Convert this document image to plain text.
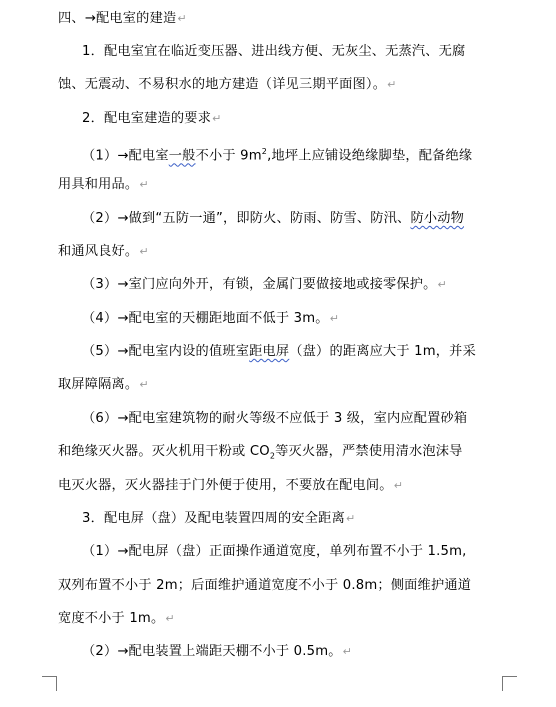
四、→配电室的建造↵
1．配电室宜在临近变压器、进出线方便、无灰尘、无蒸汽、无腐
蚀、无震动、不易积水的地方建造（详见三期平面图）。↵
2．配电室建造的要求↵
（1）→配电室一般不小于 $9m^2$,地坪上应铺设绝缘脚垫，配备绝缘
用具和用品。↵
（2）→做到“五防一通”，即防火、防雨、防雪、防汛、防小动物
和通风良好。↵
（3）→室门应向外开，有锁，金属门要做接地或接零保护。↵
（4）→配电室的天棚距地面不低于 3m。↵
（5）→配电室内设的值班室距电屏（盘）的距离应大于 1m，并采
取屏障隔离。↵
（6）→配电室建筑物的耐火等级不应低于 3 级，室内应配置砂箱
和绝缘灭火器。灭火机用干粉或 $CO_2$等灭火器，严禁使用清水泡沫导
电灭火器，灭火器挂于门外便于使用，不要放在配电间。↵
3．配电屏（盘）及配电装置四周的安全距离↵
（1）→配电屏（盘）正面操作通道宽度，单列布置不小于 1.5m,
双列布置不小于 2m；后面维护通道宽度不小于 0.8m；侧面维护通道
宽度不小于 1m。↵
（2）→配电装置上端距天棚不小于 0.5m。↵
